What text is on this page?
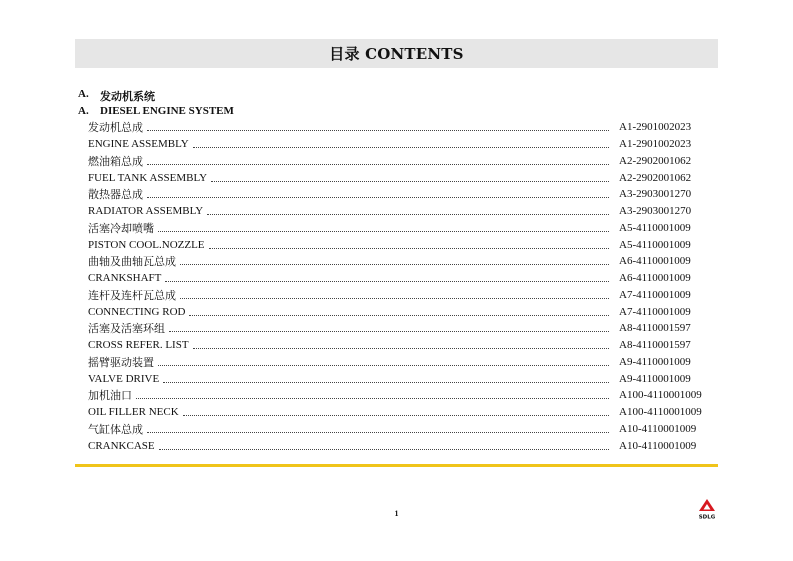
目录 CONTENTS
A. 发动机系统
A. DIESEL ENGINE SYSTEM
发动机总成	A1-2901002023
ENGINE ASSEMBLY	A1-2901002023
燃油箱总成	A2-2902001062
FUEL TANK ASSEMBLY	A2-2902001062
散热器总成	A3-2903001270
RADIATOR ASSEMBLY	A3-2903001270
活塞冷却喷嘴	A5-4110001009
PISTON COOL.NOZZLE	A5-4110001009
曲轴及曲轴瓦总成	A6-4110001009
CRANKSHAFT	A6-4110001009
连杆及连杆瓦总成	A7-4110001009
CONNECTING ROD	A7-4110001009
活塞及活塞环组	A8-4110001597
CROSS REFER. LIST	A8-4110001597
摇臂驱动装置	A9-4110001009
VALVE DRIVE	A9-4110001009
加机油口	A100-4110001009
OIL FILLER NECK	A100-4110001009
气缸体总成	A10-4110001009
CRANKCASE	A10-4110001009
1	SDLG
